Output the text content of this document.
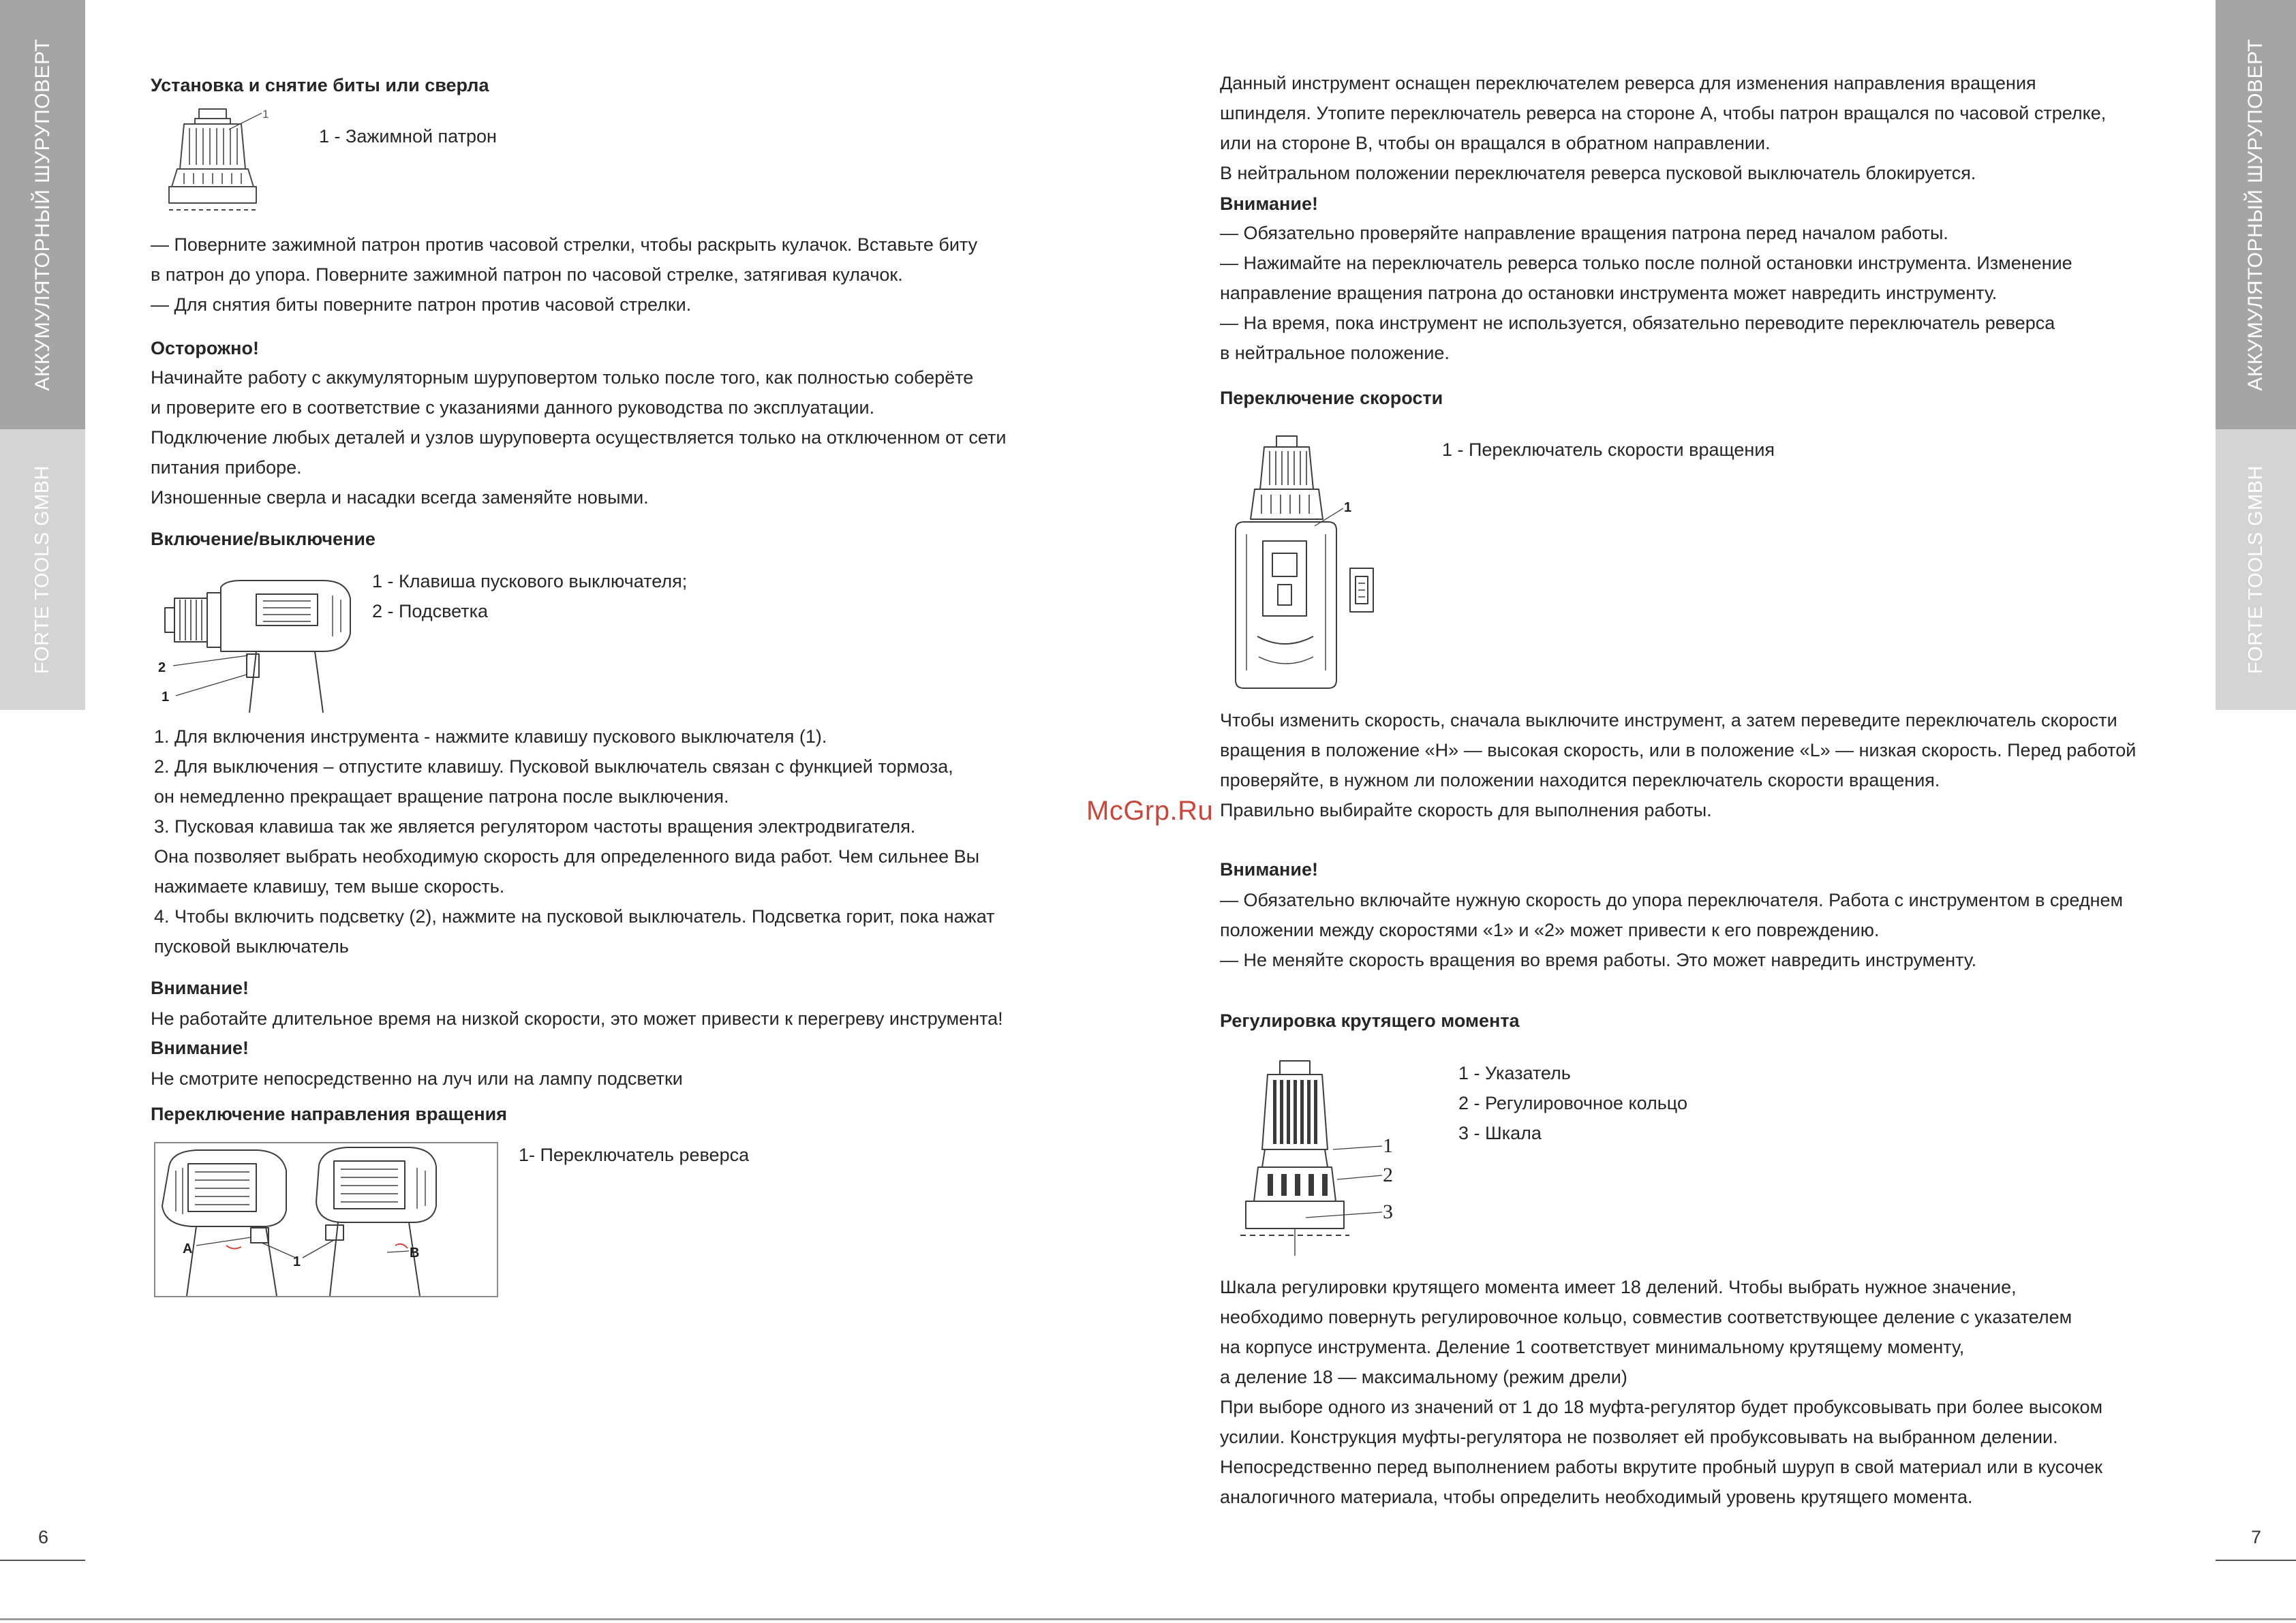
АККУМУЛЯТОРНЫЙ ШУРУПОВЕРТ
FORTE TOOLS GMBH
АККУМУЛЯТОРНЫЙ ШУРУПОВЕРТ
FORTE TOOLS GMBH
Установка и снятие биты или сверла
1
1 - Зажимной патрон
— Поверните зажимной патрон против часовой стрелки, чтобы раскрыть кулачок. Вставьте биту
в патрон до упора. Поверните зажимной патрон по часовой стрелке, затягивая кулачок.
— Для снятия биты поверните патрон против часовой стрелки.
Осторожно!
Начинайте работу с аккумуляторным шуруповертом только после того, как полностью соберёте
и проверите его в соответствие с указаниями данного руководства по эксплуатации.
Подключение любых деталей и узлов шуруповерта осуществляется только на отключенном от сети
питания приборе.
Изношенные сверла и насадки всегда заменяйте новыми.
Включение/выключение
2
1
1 - Клавиша пускового выключателя;
2 - Подсветка
1. Для включения инструмента - нажмите клавишу пускового выключателя (1).
2. Для выключения – отпустите клавишу. Пусковой выключатель связан с функцией тормоза,
он немедленно прекращает вращение патрона после выключения.
3. Пусковая клавиша так же является регулятором частоты вращения электродвигателя.
Она позволяет выбрать необходимую скорость для определенного вида работ. Чем сильнее Вы
нажимаете клавишу, тем выше скорость.
4. Чтобы включить подсветку (2), нажмите на пусковой выключатель. Подсветка горит, пока нажат
пусковой выключатель
Внимание!
Не работайте длительное время на низкой скорости, это может привести к перегреву инструмента!
Внимание!
Не смотрите непосредственно на луч или на лампу подсветки
Переключение направления вращения
A
1
B
1- Переключатель реверса
Данный инструмент оснащен переключателем реверса для изменения направления вращения
шпинделя. Утопите переключатель реверса на стороне А, чтобы патрон вращался по часовой стрелке,
или на стороне В, чтобы он вращался в обратном направлении.
В нейтральном положении переключателя реверса пусковой выключатель блокируется.
Внимание!
— Обязательно проверяйте направление вращения патрона перед началом работы.
— Нажимайте на переключатель реверса только после полной остановки инструмента. Изменение
направление вращения патрона до остановки инструмента может навредить инструменту.
— На время, пока инструмент не используется, обязательно переводите переключатель реверса
в нейтральное положение.
Переключение скорости
1
1 - Переключатель скорости вращения
Чтобы изменить скорость, сначала выключите инструмент, а затем переведите переключатель скорости
вращения в положение «H» — высокая скорость, или в положение «L» — низкая скорость. Перед работой
проверяйте, в нужном ли положении находится переключатель скорости вращения.
Правильно выбирайте скорость для выполнения работы.
McGrp.Ru
Внимание!
— Обязательно включайте нужную скорость до упора переключателя. Работа с инструментом в среднем
положении между скоростями «1» и «2» может привести к его повреждению.
— Не меняйте скорость вращения во время работы. Это может навредить инструменту.
Регулировка крутящего момента
1
2
3
1 - Указатель
2 - Регулировочное кольцо
3 - Шкала
Шкала регулировки крутящего момента имеет 18 делений. Чтобы выбрать нужное значение,
необходимо повернуть регулировочное кольцо, совместив соответствующее деление с указателем
на корпусе инструмента. Деление 1 соответствует минимальному крутящему моменту,
а деление 18 — максимальному (режим дрели)
При выборе одного из значений от 1 до 18 муфта-регулятор будет пробуксовывать при более высоком
усилии. Конструкция муфты-регулятора не позволяет ей пробуксовывать на выбранном делении.
Непосредственно перед выполнением работы вкрутите пробный шуруп в свой материал или в кусочек
аналогичного материала, чтобы определить необходимый уровень крутящего момента.
6	7
